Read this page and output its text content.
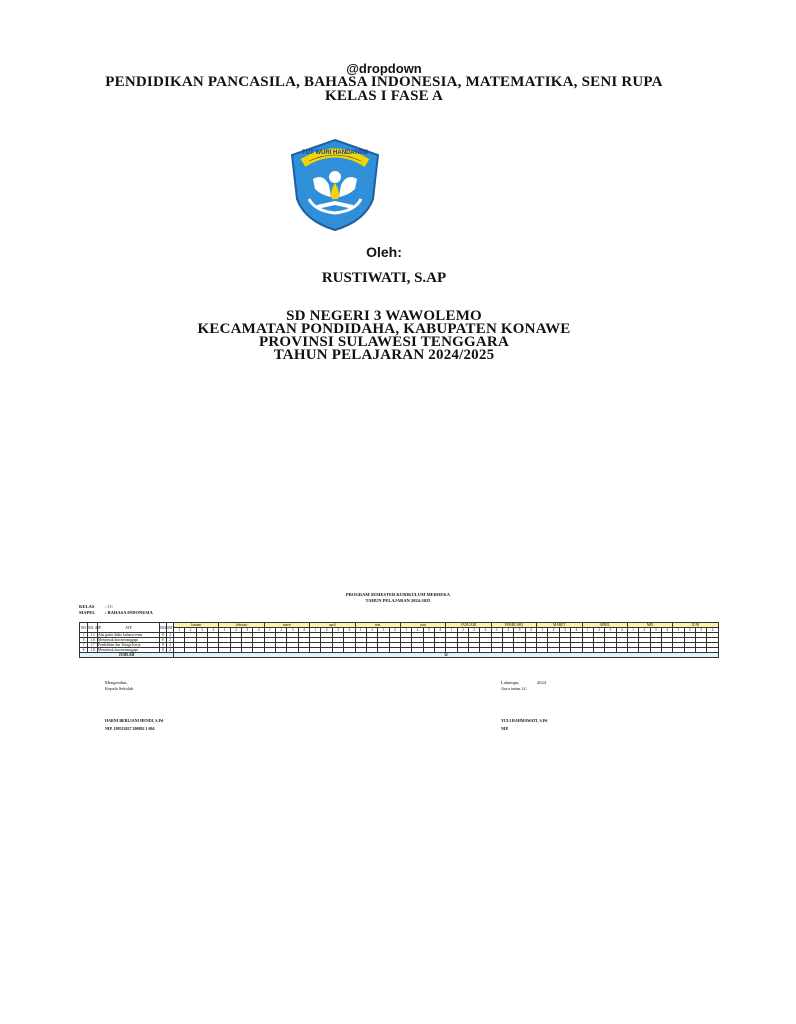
@dropdown
PENDIDIKAN PANCASILA, BAHASA INDONESIA, MATEMATIKA, SENI RUPA
KELAS I FASE A
TUT WURI HANDAYANI
Oleh:
RUSTIWATI, S.AP
SD NEGERI 3 WAWOLEMO
KECAMATAN PONDIDAHA, KABUPATEN KONAWE
PROVINSI SULAWESI TENGGARA
TAHUN PELAJARAN 2024/2025
PROGRAM SEMESTER KURIKULUM MERDEKA
TAHUN PELAJARAN 2024-2025
KELAS : I C
MAPEL : BAHASA INDONESIA
NO	NO. ATP	ATP	JML	SMT	Januari				februari				maret				april				mei				juni				JANUARI				FEBRUARI				MARET				APRIL				MEI				JUNI			
					1	2	3	4	1	2	3	4	1	2	3	4	1	2	3	4	1	2	3	4	1	2	3	4	1	2	3	4	1	2	3	4	1	2	3	4	1	2	3	4	1	2	3	4	1	2	3	4
1	1.1	Ada guida ditiko kalimat sema	8	2																																																
6	1.6	Menyimak dan menanggapi	8	2																																																
7	1.7	Pendidikan dan Tenaga Kerja	8	2																																																
8	1.8	Menyimak dan menanggapi	8	2																																																
JUMLAH					32																																															
Mengetahui,
Kepala Sekolah
HARNI BERLIANI HENDI, S.Pd
NIP. 198512027 200802 1 004
Lahumpu,	2024
Guru kelas 1C
YULI RAHMAWATI, S.Pd
NIP.
